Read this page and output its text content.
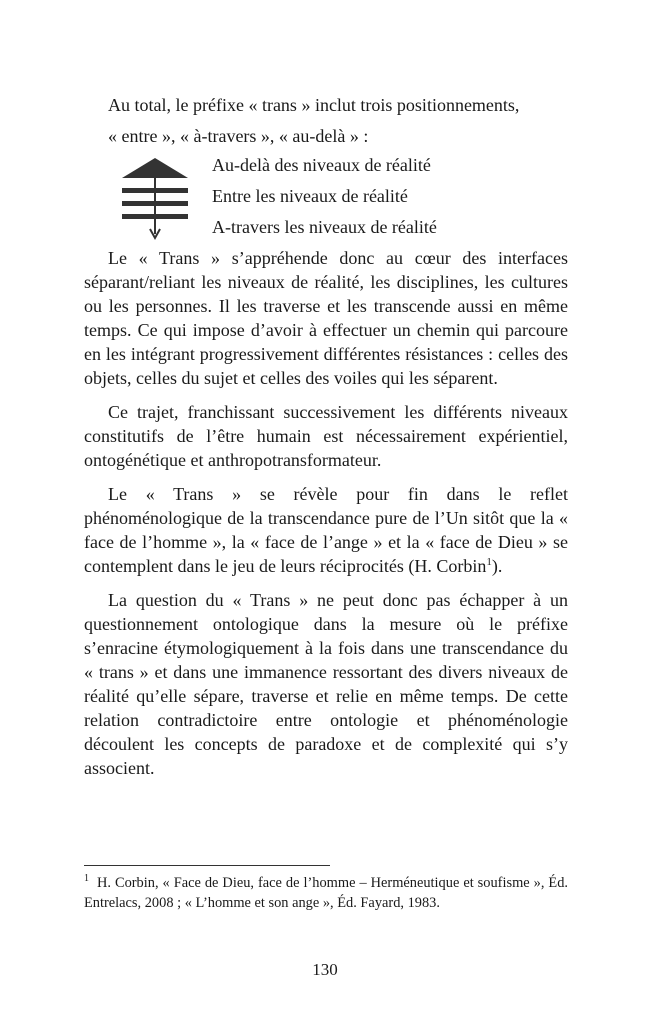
Au total, le préfixe « trans » inclut trois positionnements,
« entre », « à-travers », « au-delà » :
Au-delà des niveaux de réalité
Entre les niveaux de réalité
A-travers les niveaux de réalité

Le « Trans » s’appréhende donc au cœur des interfaces séparant/reliant les niveaux de réalité, les disciplines, les cultures ou les personnes. Il les traverse et les transcende aussi en même temps. Ce qui impose d’avoir à effectuer un chemin qui parcoure en les intégrant progressivement différentes résistances : celles des objets, celles du sujet et celles des voiles qui les séparent.

Ce trajet, franchissant successivement les différents niveaux constitutifs de l’être humain est nécessairement expérientiel, ontogénétique et anthropotransformateur.

Le « Trans » se révèle pour fin dans le reflet phénoménologique de la transcendance pure de l’Un sitôt que la « face de l’homme », la « face de l’ange » et la « face de Dieu » se contemplent dans le jeu de leurs réciprocités (H. Corbin$^1$).

La question du « Trans » ne peut donc pas échapper à un questionnement ontologique dans la mesure où le préfixe s’enracine étymologiquement à la fois dans une transcendance du « trans » et dans une immanence ressortant des divers niveaux de réalité qu’elle sépare, traverse et relie en même temps. De cette relation contradictoire entre ontologie et phénoménologie découlent les concepts de paradoxe et de complexité qui s’y associent.

$^1$ H. Corbin, « Face de Dieu, face de l’homme – Herméneutique et soufisme », Éd. Entrelacs, 2008 ; « L’homme et son ange », Éd. Fayard, 1983.
130
